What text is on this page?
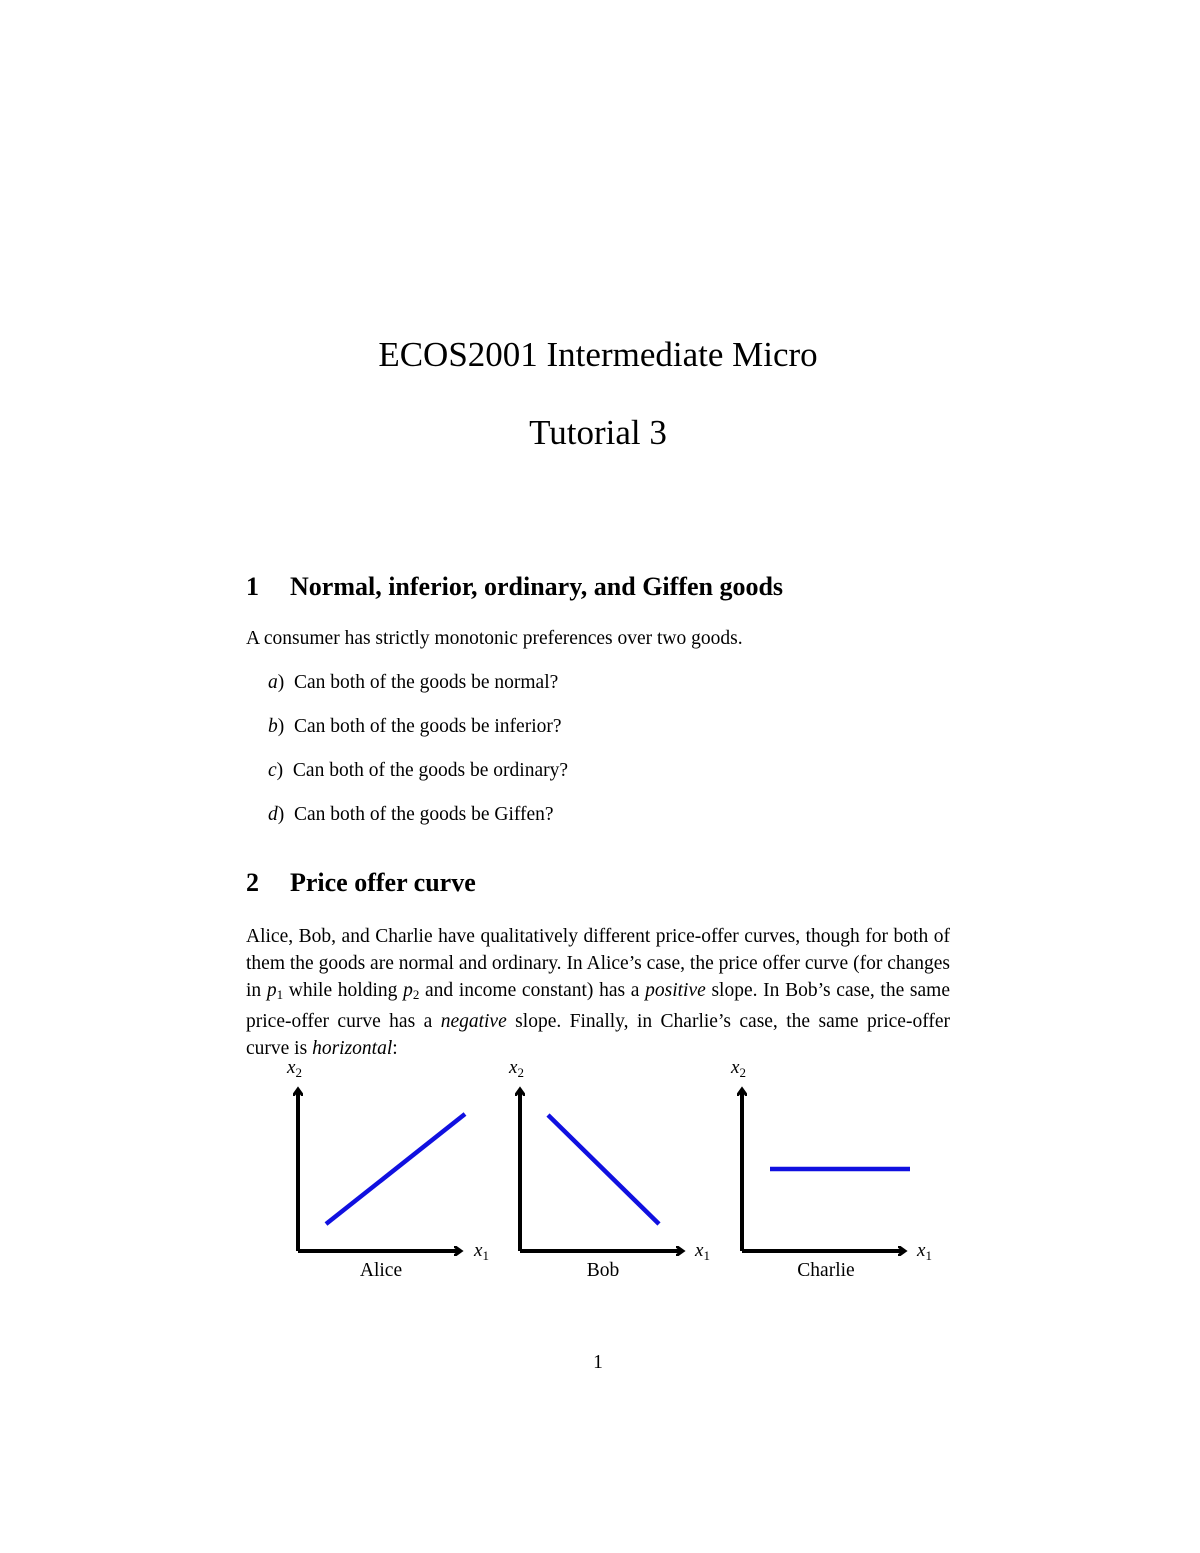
ECOS2001 Intermediate Micro
Tutorial 3
1 Normal, inferior, ordinary, and Giffen goods
A consumer has strictly monotonic preferences over two goods.
a)  Can both of the goods be normal?
b)  Can both of the goods be inferior?
c)  Can both of the goods be ordinary?
d)  Can both of the goods be Giffen?
2 Price offer curve
Alice, Bob, and Charlie have qualitatively different price-offer curves, though for both of them the goods are normal and ordinary. In Alice’s case, the price offer curve (for changes in $p_1$ while holding $p_2$ and income constant) has a positive slope. In Bob’s case, the same price-offer curve has a negative slope. Finally, in Charlie’s case, the same price-offer curve is horizontal:
$x_2$
$x_1$
Alice
$x_2$
$x_1$
Bob
$x_2$
$x_1$
Charlie
1
